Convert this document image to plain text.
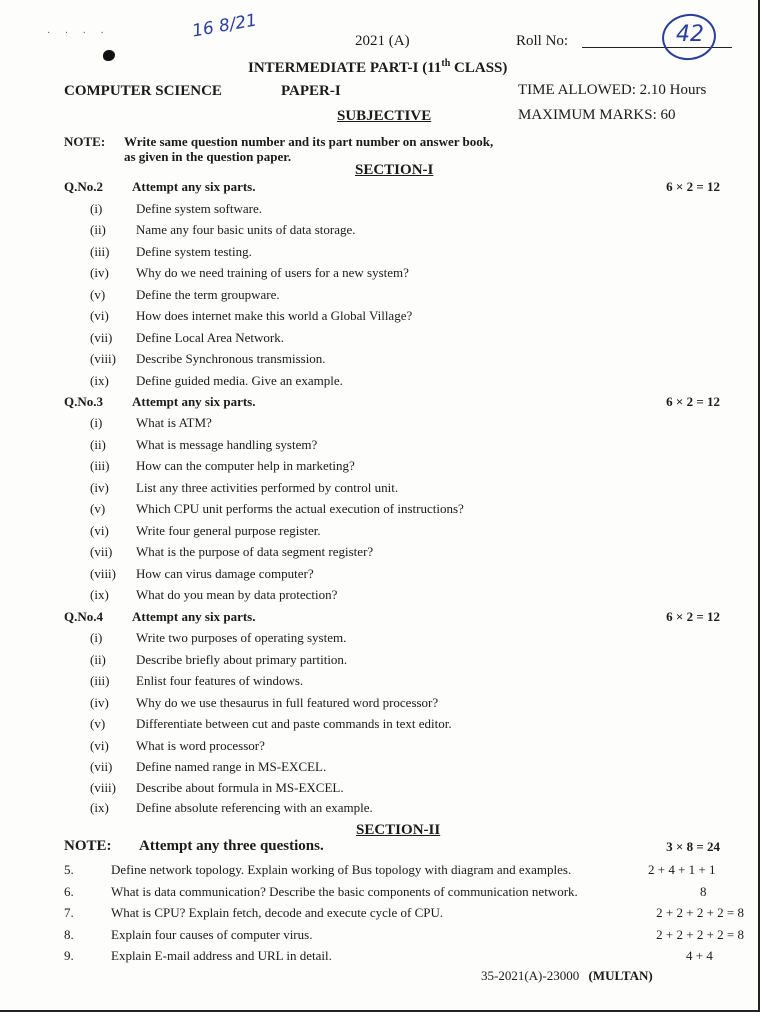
· · · ·	16 8/21	2021 (A)	Roll No:	42
INTERMEDIATE PART-I (11th CLASS)
COMPUTER SCIENCE	PAPER-I	TIME ALLOWED: 2.10 Hours
SUBJECTIVE	MAXIMUM MARKS: 60
NOTE: Write same question number and its part number on answer book,
as given in the question paper.
SECTION-I
Q.No.2 Attempt any six parts.	6 × 2 = 12
(i)	Define system software.
(ii) Name any four basic units of data storage.
(iii) Define system testing.
(iv) Why do we need training of users for a new system?
(v) Define the term groupware.
(vi) How does internet make this world a Global Village?
(vii) Define Local Area Network.
(viii) Describe Synchronous transmission.
(ix) Define guided media. Give an example.
Q.No.3 Attempt any six parts.	6 × 2 = 12
(i)	What is ATM?
(ii) What is message handling system?
(iii) How can the computer help in marketing?
(iv) List any three activities performed by control unit.
(v) Which CPU unit performs the actual execution of instructions?
(vi) Write four general purpose register.
(vii) What is the purpose of data segment register?
(viii) How can virus damage computer?
(ix) What do you mean by data protection?
Q.No.4 Attempt any six parts.	6 × 2 = 12
(i)	Write two purposes of operating system.
(ii) Describe briefly about primary partition.
(iii) Enlist four features of windows.
(iv) Why do we use thesaurus in full featured word processor?
(v) Differentiate between cut and paste commands in text editor.
(vi) What is word processor?
(vii) Define named range in MS-EXCEL.
(viii) Describe about formula in MS-EXCEL.
(ix) Define absolute referencing with an example.
SECTION-II
NOTE: Attempt any three questions.	3 × 8 = 24
5.	Define network topology. Explain working of Bus topology with diagram and examples.	2 + 4 + 1 + 1
6.	What is data communication? Describe the basic components of communication network.	8
7.	What is CPU? Explain fetch, decode and execute cycle of CPU.	2 + 2 + 2 + 2 = 8
8.	Explain four causes of computer virus.	2 + 2 + 2 + 2 = 8
9.	Explain E-mail address and URL in detail.	4 + 4
35-2021(A)-23000 (MULTAN)
